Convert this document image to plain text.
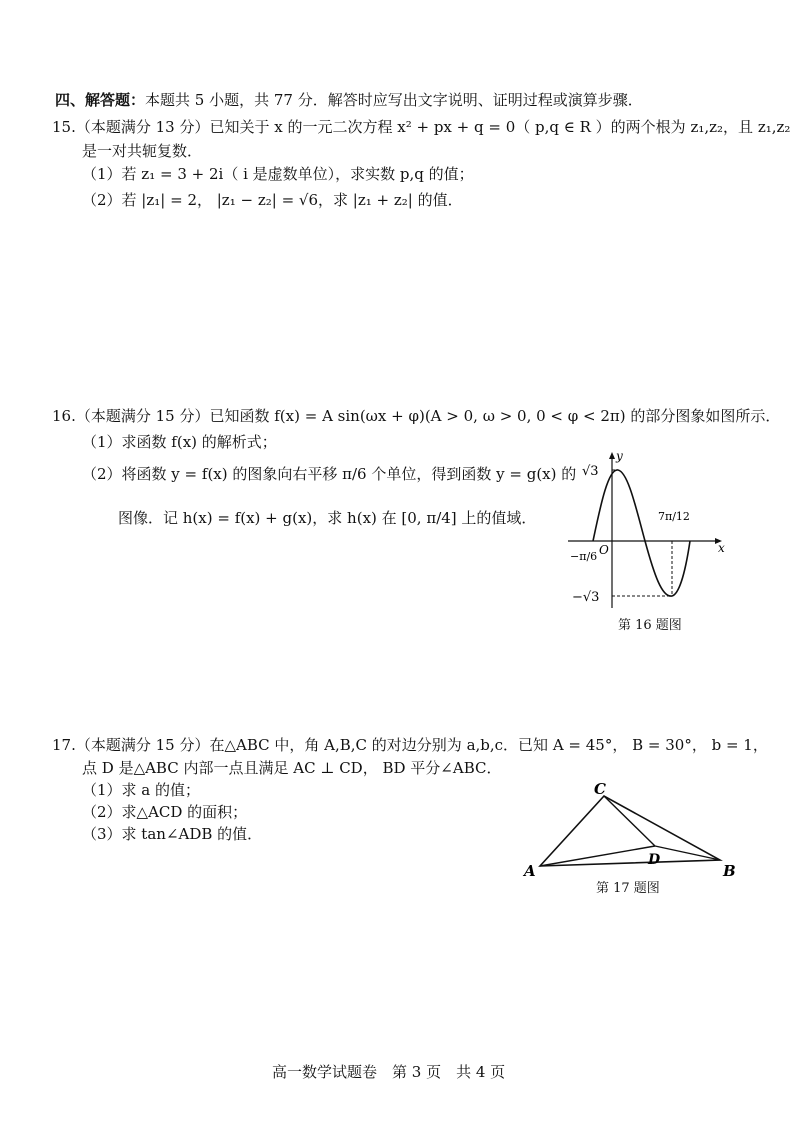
四、解答题：本题共 5 小题，共 77 分．解答时应写出文字说明、证明过程或演算步骤．
15.（本题满分 13 分）已知关于 x 的一元二次方程 x² + px + q = 0（ p,q ∈ R ）的两个根为 z₁,z₂，且 z₁,z₂
是一对共轭复数．
（1）若 z₁ = 3 + 2i（ i 是虚数单位），求实数 p,q 的值；
（2）若 |z₁| = 2， |z₁ − z₂| = √6，求 |z₁ + z₂| 的值．
16.（本题满分 15 分）已知函数 f(x) = A sin(ωx + φ)(A > 0, ω > 0, 0 < φ < 2π) 的部分图象如图所示．
（1）求函数 f(x) 的解析式；
（2）将函数 y = f(x) 的图象向右平移 π/6 个单位，得到函数 y = g(x) 的
图像．记 h(x) = f(x) + g(x)，求 h(x) 在 [0, π/4] 上的值域．
y
x
O
√3
−√3
−π/6
7π/12
第 16 题图
17.（本题满分 15 分）在△ABC 中，角 A,B,C 的对边分别为 a,b,c．已知 A = 45°， B = 30°， b = 1，
点 D 是△ABC 内部一点且满足 AC ⊥ CD， BD 平分∠ABC．
（1）求 a 的值；
（2）求△ACD 的面积；
（3）求 tan∠ADB 的值．
A	B
C
D
第 17 题图
高一数学试题卷　第 3 页　共 4 页
